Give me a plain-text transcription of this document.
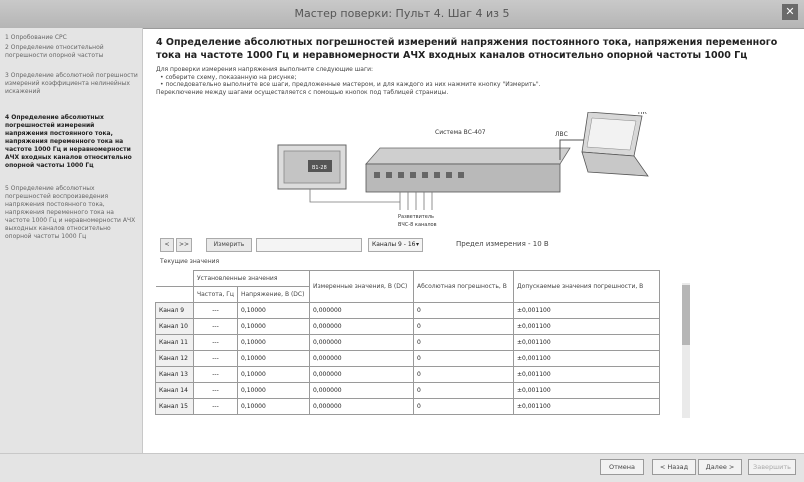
Мастер поверки: Пульт 4. Шаг 4 из 5	✕
1 Опробование СРС
2 Определение относительной погрешности опорной частоты
3 Определение абсолютной погрешности измерений коэффициента нелинейных искажений
4 Определение абсолютных погрешностей измерений напряжения постоянного тока, напряжения переменного тока на частоте 1000 Гц и неравномерности АЧХ входных каналов относительно опорной частоты 1000 Гц
5 Определение абсолютных погрешностей воспроизведения напряжения постоянного тока, напряжения переменного тока на частоте 1000 Гц и неравномерности АЧХ выходных каналов относительно опорной частоты 1000 Гц
4 Определение абсолютных погрешностей измерений напряжения постоянного тока, напряжения переменного тока на частоте 1000 Гц и неравномерности АЧХ входных каналов относительно опорной частоты 1000 Гц
Для проверки измерения напряжения выполните следующие шаги:
• соберите схему, показанную на рисунке;
• последовательно выполните все шаги, предложенные мастером, и для каждого из них нажмите кнопку "Измерить".
Переключение между шагами осуществляется с помощью кнопок под таблицей страницы.
Система ВС-407	ЛВС
ПК
В1-28
Разветвитель
ВЧС-8 каналов
<	>>	Измерить	Каналы 9 - 16 ▾	Предел измерения - 10 В
Текущие значения
	Установленные значения		Измеренные значения, В (DC)	Абсолютная погрешность, В	Допускаемые значения погрешности, В
	Частота, Гц	Напряжение, В (DC)			
Канал 9	---	0,10000	0,000000	0	±0,001100
Канал 10	---	0,10000	0,000000	0	±0,001100
Канал 11	---	0,10000	0,000000	0	±0,001100
Канал 12	---	0,10000	0,000000	0	±0,001100
Канал 13	---	0,10000	0,000000	0	±0,001100
Канал 14	---	0,10000	0,000000	0	±0,001100
Канал 15	---	0,10000	0,000000	0	±0,001100
Отмена	< Назад	Далее >	Завершить
